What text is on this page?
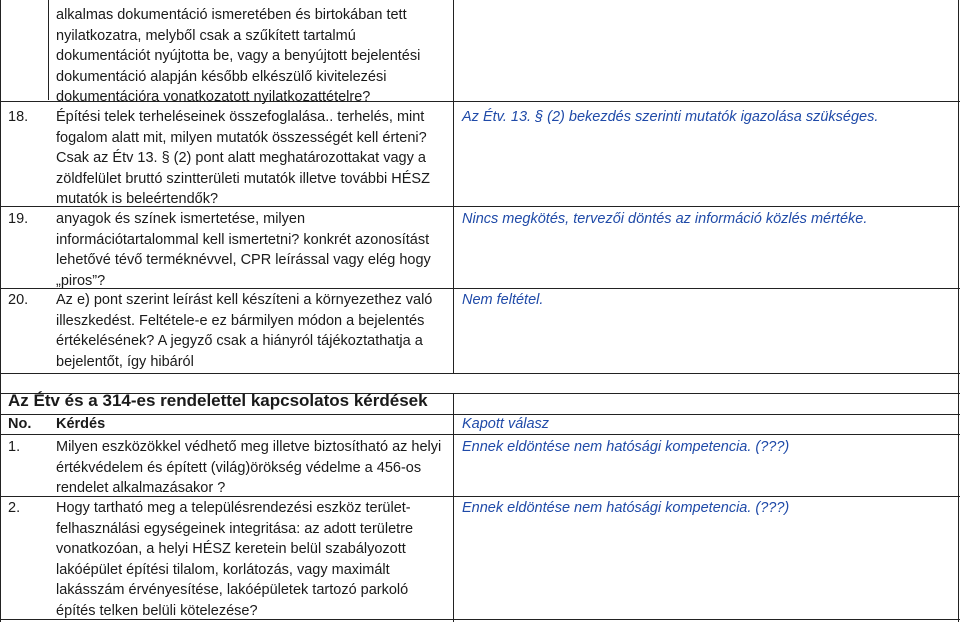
alkalmas dokumentáció ismeretében és birtokában tett nyilatkozatra, melyből csak a szűkített tartalmú dokumentációt nyújtotta be, vagy a benyújtott bejelentési dokumentáció alapján később elkészülő kivitelezési dokumentációra vonatkozatott nyilatkozattételre?
18.	Építési telek terheléseinek összefoglalása.. terhelés, mint fogalom alatt mit, milyen mutatók összességét kell érteni? Csak az Étv 13. § (2) pont alatt meghatározottakat vagy a zöldfelület bruttó szintterületi mutatók illetve további HÉSZ mutatók is beleértendők?
Az Étv. 13. § (2) bekezdés szerinti mutatók igazolása szükséges.
19.	anyagok és színek ismertetése, milyen információtartalommal kell ismertetni? konkrét azonosítást lehetővé tévő terméknévvel, CPR leírással vagy elég hogy „piros”?
Nincs megkötés, tervezői döntés az információ közlés mértéke.
20.	Az e) pont szerint leírást kell készíteni a környezethez való illeszkedést. Feltétele-e ez bármilyen módon a bejelentés értékelésének? A jegyző csak a hiányról tájékoztathatja a bejelentőt, így hibáról
Nem feltétel.
Az Étv és a 314-es rendelettel kapcsolatos kérdések
No. Kérdés	Kapott válasz
1.	Milyen eszközökkel védhető meg illetve biztosítható az helyi értékvédelem és épített (világ)örökség védelme a 456-os rendelet alkalmazásakor ?
Ennek eldöntése nem hatósági kompetencia. (???)
2.	Hogy tartható meg a településrendezési eszköz terület-felhasználási egységeinek integritása: az adott területre vonatkozóan, a helyi HÉSZ keretein belül szabályozott lakóépület építési tilalom, korlátozás, vagy maximált lakásszám érvényesítése, lakóépületek tartozó parkoló építés telken belüli kötelezése?
Ennek eldöntése nem hatósági kompetencia. (???)
